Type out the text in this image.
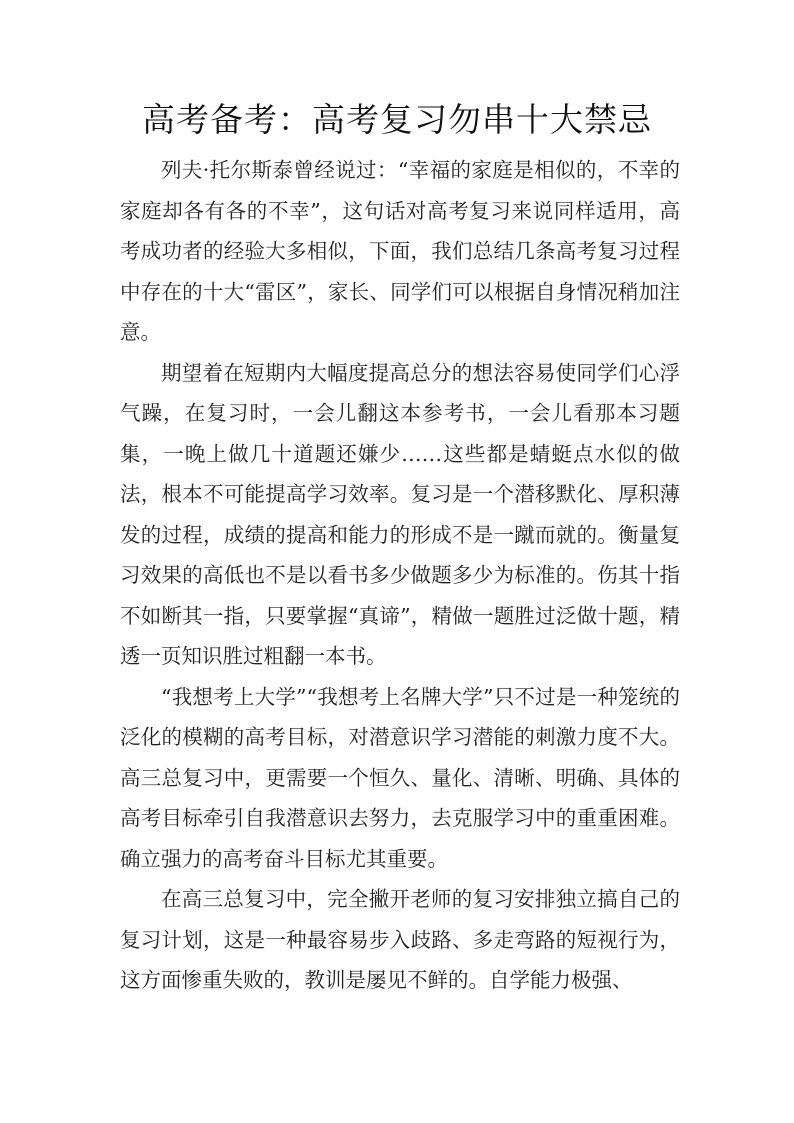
高考备考：高考复习勿串十大禁忌

列夫·托尔斯泰曾经说过：“幸福的家庭是相似的，不幸的家庭却各有各的不幸”，这句话对高考复习来说同样适用，高考成功者的经验大多相似，下面，我们总结几条高考复习过程中存在的十大“雷区”，家长、同学们可以根据自身情况稍加注意。

期望着在短期内大幅度提高总分的想法容易使同学们心浮气躁，在复习时，一会儿翻这本参考书，一会儿看那本习题集，一晚上做几十道题还嫌少……这些都是蜻蜓点水似的做法，根本不可能提高学习效率。复习是一个潜移默化、厚积薄发的过程，成绩的提高和能力的形成不是一蹴而就的。衡量复习效果的高低也不是以看书多少做题多少为标准的。伤其十指不如断其一指，只要掌握“真谛”，精做一题胜过泛做十题，精透一页知识胜过粗翻一本书。

“我想考上大学”“我想考上名牌大学”只不过是一种笼统的泛化的模糊的高考目标，对潜意识学习潜能的刺激力度不大。高三总复习中，更需要一个恒久、量化、清晰、明确、具体的高考目标牵引自我潜意识去努力，去克服学习中的重重困难。确立强力的高考奋斗目标尤其重要。

在高三总复习中，完全撇开老师的复习安排独立搞自己的复习计划，这是一种最容易步入歧路、多走弯路的短视行为，这方面惨重失败的，教训是屡见不鲜的。自学能力极强、
